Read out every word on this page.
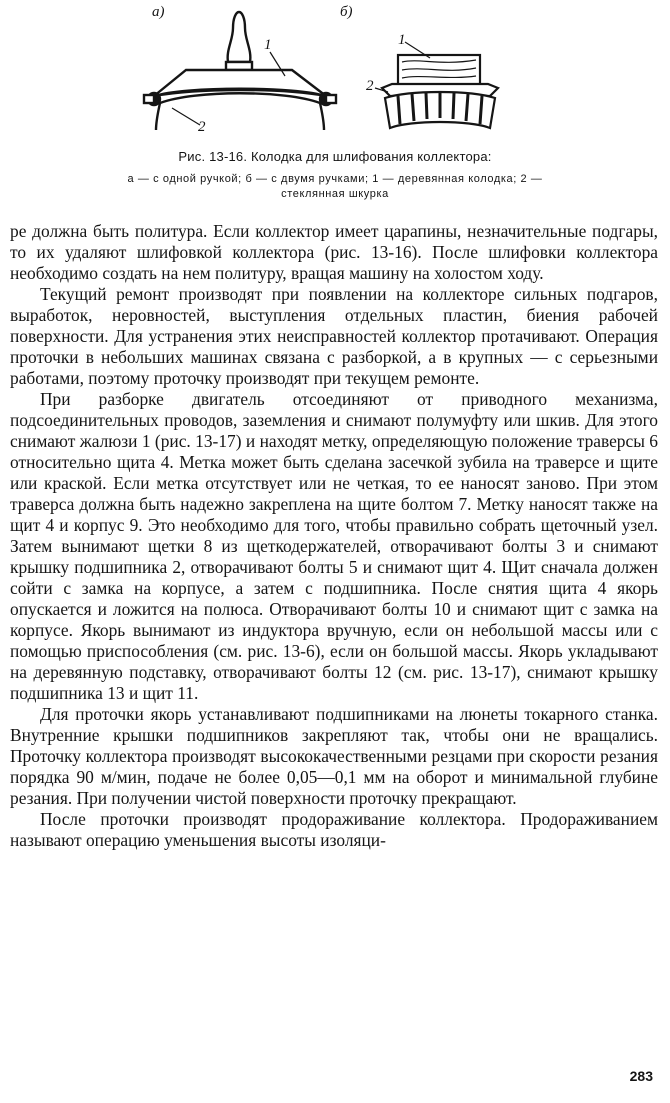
а)	б)
1
2
1
2
Рис. 13-16. Колодка для шлифования коллектора:
а — с одной ручкой; б — с двумя ручками; 1 — деревянная колодка; 2 —
стеклянная шкурка

ре должна быть политура. Если коллектор имеет царапины, незначительные подгары, то их удаляют шлифовкой коллектора (рис. 13-16). После шлифовки коллектора необходимо создать на нем политуру, вращая машину на холостом ходу.

Текущий ремонт производят при появлении на коллекторе сильных подгаров, выработок, неровностей, выступления отдельных пластин, биения рабочей поверхности. Для устранения этих неисправностей коллектор протачивают. Операция проточки в небольших машинах связана с разборкой, а в крупных — с серьезными работами, поэтому проточку производят при текущем ремонте.

При разборке двигатель отсоединяют от приводного механизма, подсоединительных проводов, заземления и снимают полумуфту или шкив. Для этого снимают жалюзи 1 (рис. 13-17) и находят метку, определяющую положение траверсы 6 относительно щита 4. Метка может быть сделана засечкой зубила на траверсе и щите или краской. Если метка отсутствует или не четкая, то ее наносят заново. При этом траверса должна быть надежно закреплена на щите болтом 7. Метку наносят также на щит 4 и корпус 9. Это необходимо для того, чтобы правильно собрать щеточный узел. Затем вынимают щетки 8 из щеткодержателей, отворачивают болты 3 и снимают крышку подшипника 2, отворачивают болты 5 и снимают щит 4. Щит сначала должен сойти с замка на корпусе, а затем с подшипника. После снятия щита 4 якорь опускается и ложится на полюса. Отворачивают болты 10 и снимают щит с замка на корпусе. Якорь вынимают из индуктора вручную, если он небольшой массы или с помощью приспособления (см. рис. 13-6), если он большой массы. Якорь укладывают на деревянную подставку, отворачивают болты 12 (см. рис. 13-17), снимают крышку подшипника 13 и щит 11.

Для проточки якорь устанавливают подшипниками на люнеты токарного станка. Внутренние крышки подшипников закрепляют так, чтобы они не вращались. Проточку коллектора производят высококачественными резцами при скорости резания порядка 90 м/мин, подаче не более 0,05—0,1 мм на оборот и минимальной глубине резания. При получении чистой поверхности проточку прекращают.

После проточки производят продораживание коллектора. Продораживанием называют операцию уменьшения высоты изоляци-

283
